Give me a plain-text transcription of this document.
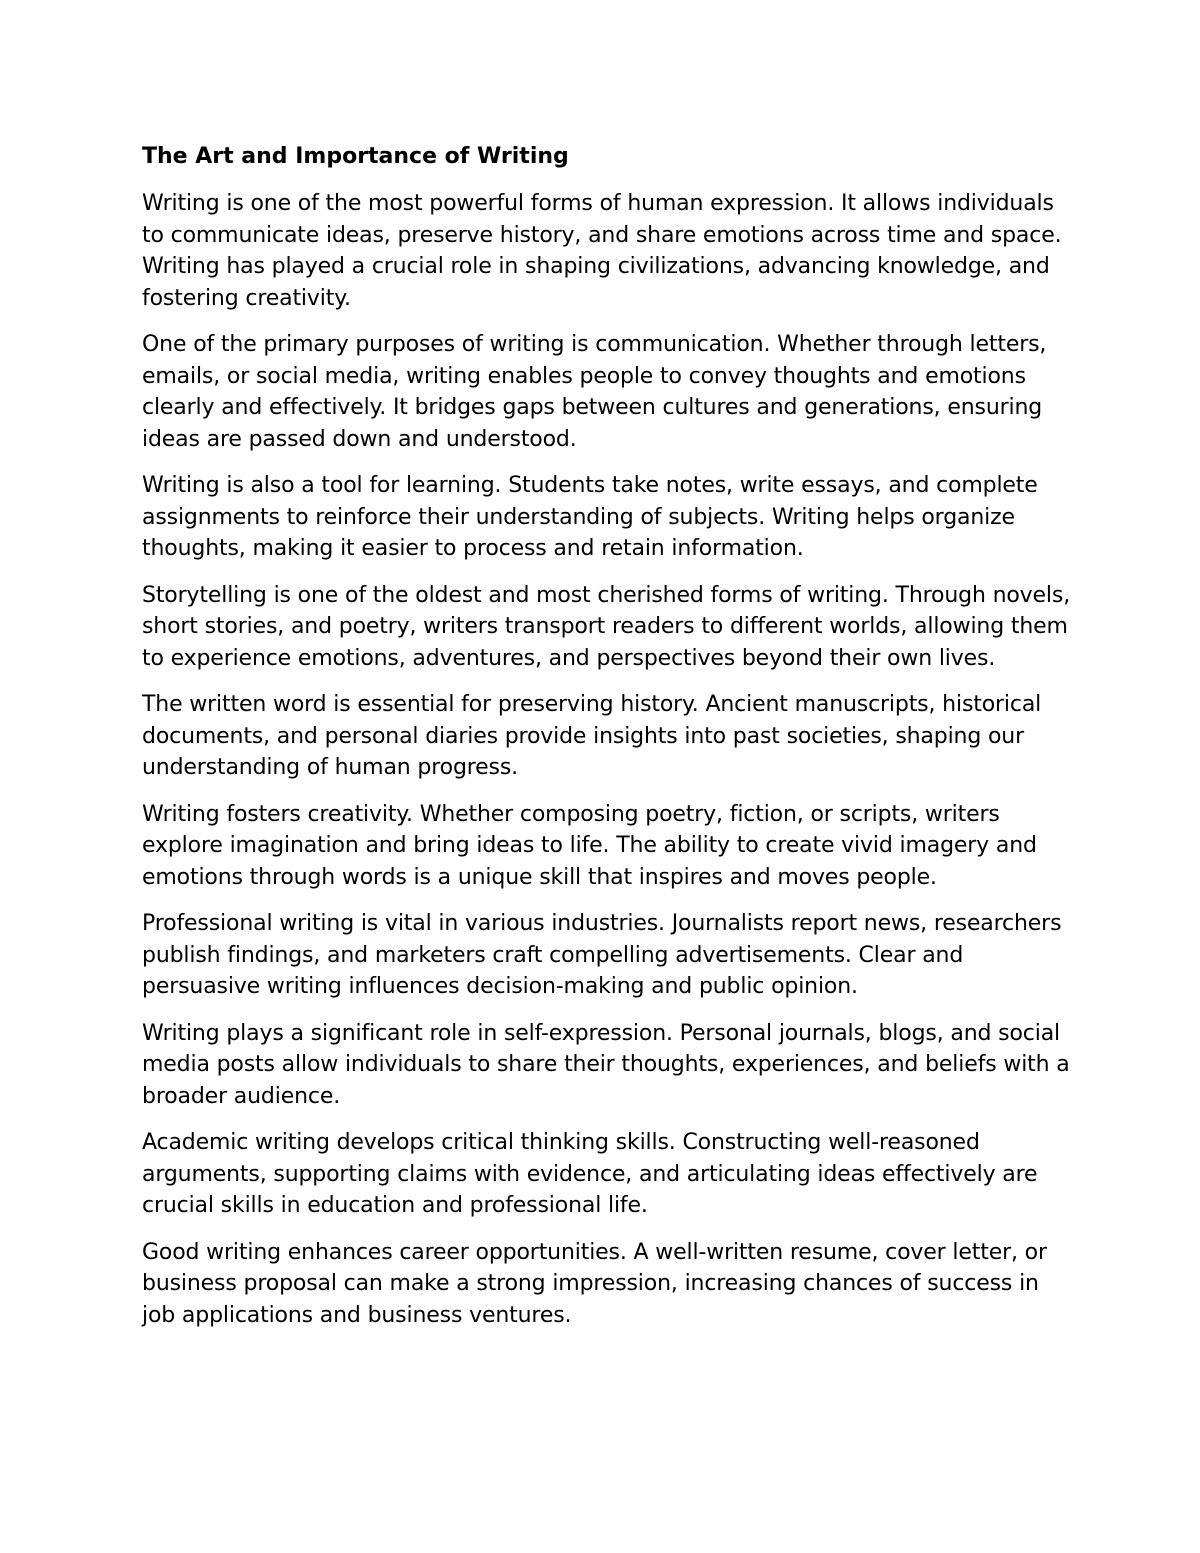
The Art and Importance of Writing

Writing is one of the most powerful forms of human expression. It allows individuals to communicate ideas, preserve history, and share emotions across time and space. Writing has played a crucial role in shaping civilizations, advancing knowledge, and fostering creativity.

One of the primary purposes of writing is communication. Whether through letters, emails, or social media, writing enables people to convey thoughts and emotions clearly and effectively. It bridges gaps between cultures and generations, ensuring ideas are passed down and understood.

Writing is also a tool for learning. Students take notes, write essays, and complete assignments to reinforce their understanding of subjects. Writing helps organize thoughts, making it easier to process and retain information.

Storytelling is one of the oldest and most cherished forms of writing. Through novels, short stories, and poetry, writers transport readers to different worlds, allowing them to experience emotions, adventures, and perspectives beyond their own lives.

The written word is essential for preserving history. Ancient manuscripts, historical documents, and personal diaries provide insights into past societies, shaping our understanding of human progress.

Writing fosters creativity. Whether composing poetry, fiction, or scripts, writers explore imagination and bring ideas to life. The ability to create vivid imagery and emotions through words is a unique skill that inspires and moves people.

Professional writing is vital in various industries. Journalists report news, researchers publish findings, and marketers craft compelling advertisements. Clear and persuasive writing influences decision-making and public opinion.

Writing plays a significant role in self-expression. Personal journals, blogs, and social media posts allow individuals to share their thoughts, experiences, and beliefs with a broader audience.

Academic writing develops critical thinking skills. Constructing well-reasoned arguments, supporting claims with evidence, and articulating ideas effectively are crucial skills in education and professional life.

Good writing enhances career opportunities. A well-written resume, cover letter, or business proposal can make a strong impression, increasing chances of success in job applications and business ventures.
